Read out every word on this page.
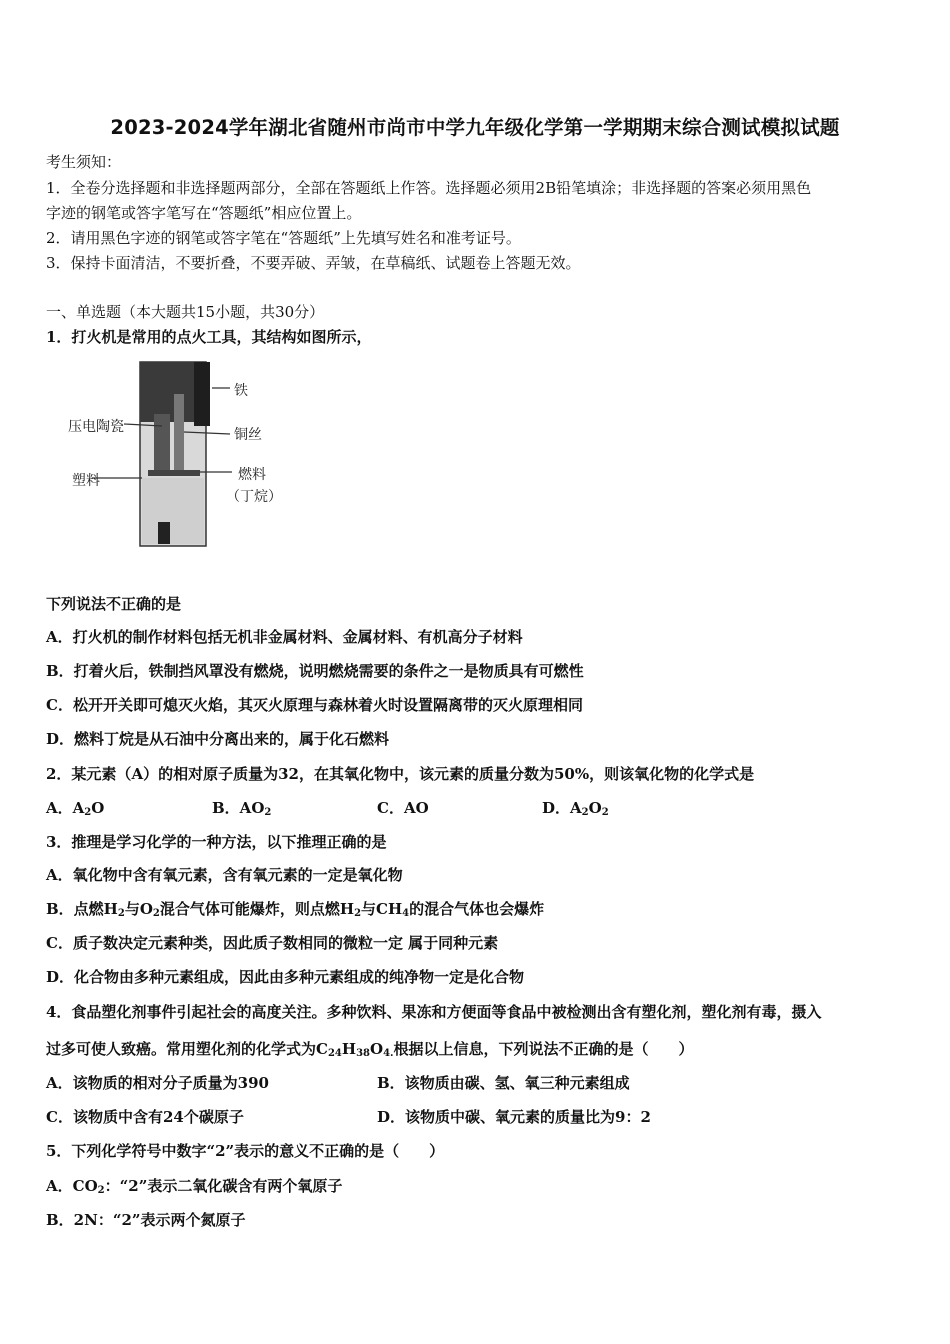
2023-2024学年湖北省随州市尚市中学九年级化学第一学期期末综合测试模拟试题
考生须知：
1．全卷分选择题和非选择题两部分，全部在答题纸上作答。选择题必须用2B铅笔填涂；非选择题的答案必须用黑色
字迹的钢笔或答字笔写在“答题纸”相应位置上。
2．请用黑色字迹的钢笔或答字笔在“答题纸”上先填写姓名和准考证号。
3．保持卡面清洁，不要折叠，不要弄破、弄皱，在草稿纸、试题卷上答题无效。
一、单选题（本大题共15小题，共30分）
1．打火机是常用的点火工具，其结构如图所示，
铁
压电陶瓷	铜丝
塑料	燃料
（丁烷）
下列说法不正确的是
A．打火机的制作材料包括无机非金属材料、金属材料、有机高分子材料
B．打着火后，铁制挡风罩没有燃烧，说明燃烧需要的条件之一是物质具有可燃性
C．松开开关即可熄灭火焰，其灭火原理与森林着火时设置隔离带的灭火原理相同
D．燃料丁烷是从石油中分离出来的，属于化石燃料
2．某元素（A）的相对原子质量为32，在其氧化物中，该元素的质量分数为50%，则该氧化物的化学式是
A．$A_2O$	B．$AO_2$	C．AO	D．$A_2O_2$
3．推理是学习化学的一种方法，以下推理正确的是
A．氧化物中含有氧元素，含有氧元素的一定是氧化物
B．点燃$H_2$与$O_2$混合气体可能爆炸，则点燃$H_2$与$CH_4$的混合气体也会爆炸
C．质子数决定元素种类，因此质子数相同的微粒一定 属于同种元素
D．化合物由多种元素组成，因此由多种元素组成的纯净物一定是化合物
4．食品塑化剂事件引起社会的高度关注。多种饮料、果冻和方便面等食品中被检测出含有塑化剂，塑化剂有毒，摄入
过多可使人致癌。常用塑化剂的化学式为$C_{24}H_{38}O_{4.}$根据以上信息，下列说法不正确的是（　　）
A．该物质的相对分子质量为390	B．该物质由碳、氢、氧三种元素组成
C．该物质中含有24个碳原子	D．该物质中碳、氧元素的质量比为9：2
5．下列化学符号中数字“2”表示的意义不正确的是（　　）
A．$CO_2$：“2”表示二氧化碳含有两个氧原子
B．2N：“2”表示两个氮原子
